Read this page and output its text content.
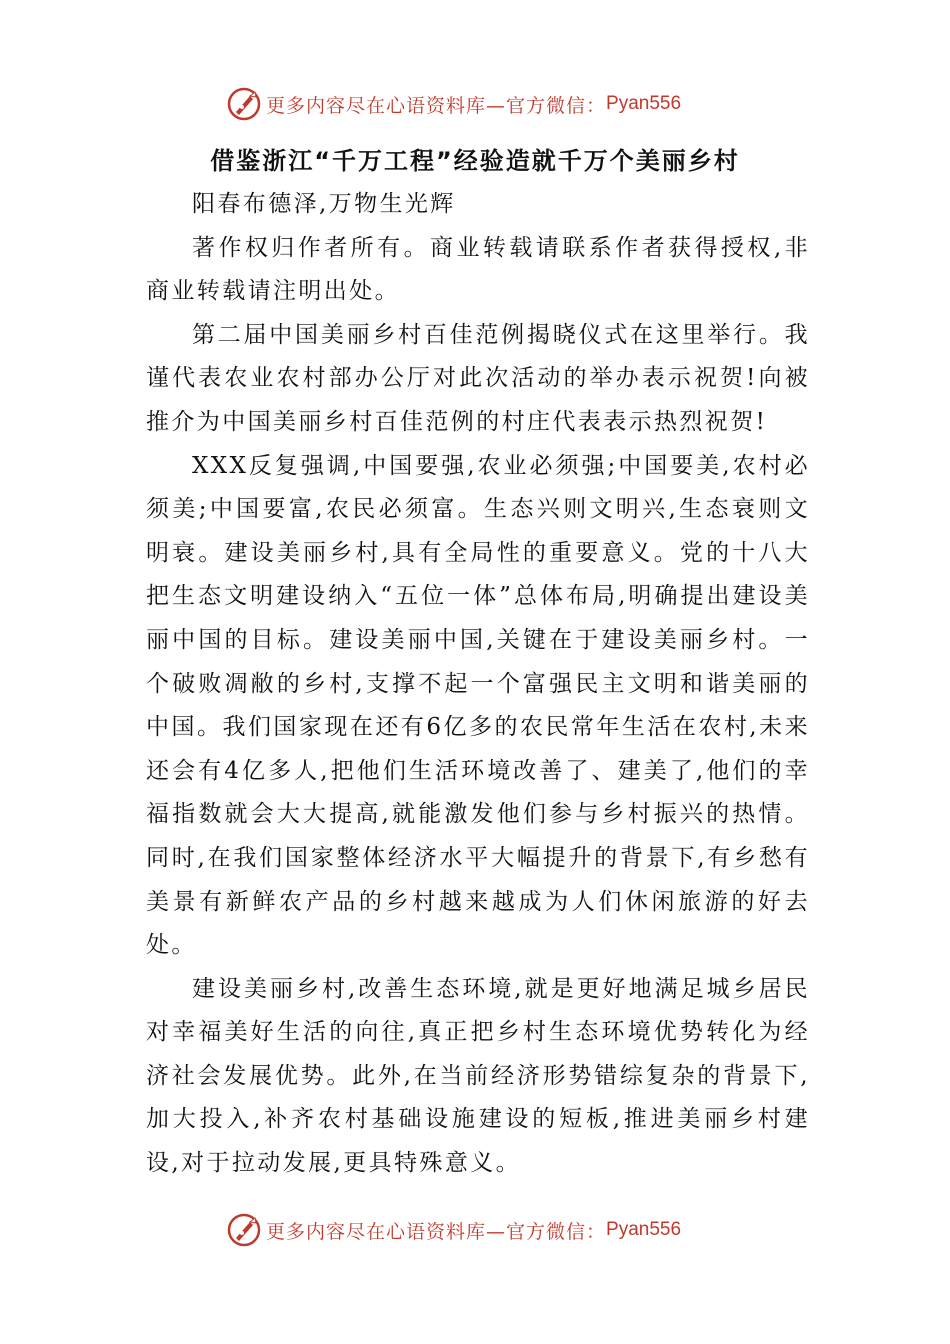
更多内容尽在心语资料库—官方微信： Pyan556
借鉴浙江“千万工程”经验造就千万个美丽乡村

阳春布德泽,万物生光辉

著作权归作者所有。商业转载请联系作者获得授权,非商业转载请注明出处。

第二届中国美丽乡村百佳范例揭晓仪式在这里举行。我谨代表农业农村部办公厅对此次活动的举办表示祝贺!向被推介为中国美丽乡村百佳范例的村庄代表表示热烈祝贺!

XXX反复强调,中国要强,农业必须强;中国要美,农村必须美;中国要富,农民必须富。生态兴则文明兴,生态衰则文明衰。建设美丽乡村,具有全局性的重要意义。党的十八大把生态文明建设纳入“五位一体”总体布局,明确提出建设美丽中国的目标。建设美丽中国,关键在于建设美丽乡村。一个破败凋敝的乡村,支撑不起一个富强民主文明和谐美丽的中国。我们国家现在还有6亿多的农民常年生活在农村,未来还会有4亿多人,把他们生活环境改善了、建美了,他们的幸福指数就会大大提高,就能激发他们参与乡村振兴的热情。同时,在我们国家整体经济水平大幅提升的背景下,有乡愁有美景有新鲜农产品的乡村越来越成为人们休闲旅游的好去处。

建设美丽乡村,改善生态环境,就是更好地满足城乡居民对幸福美好生活的向往,真正把乡村生态环境优势转化为经济社会发展优势。此外,在当前经济形势错综复杂的背景下,加大投入,补齐农村基础设施建设的短板,推进美丽乡村建设,对于拉动发展,更具特殊意义。

更多内容尽在心语资料库—官方微信： Pyan556
